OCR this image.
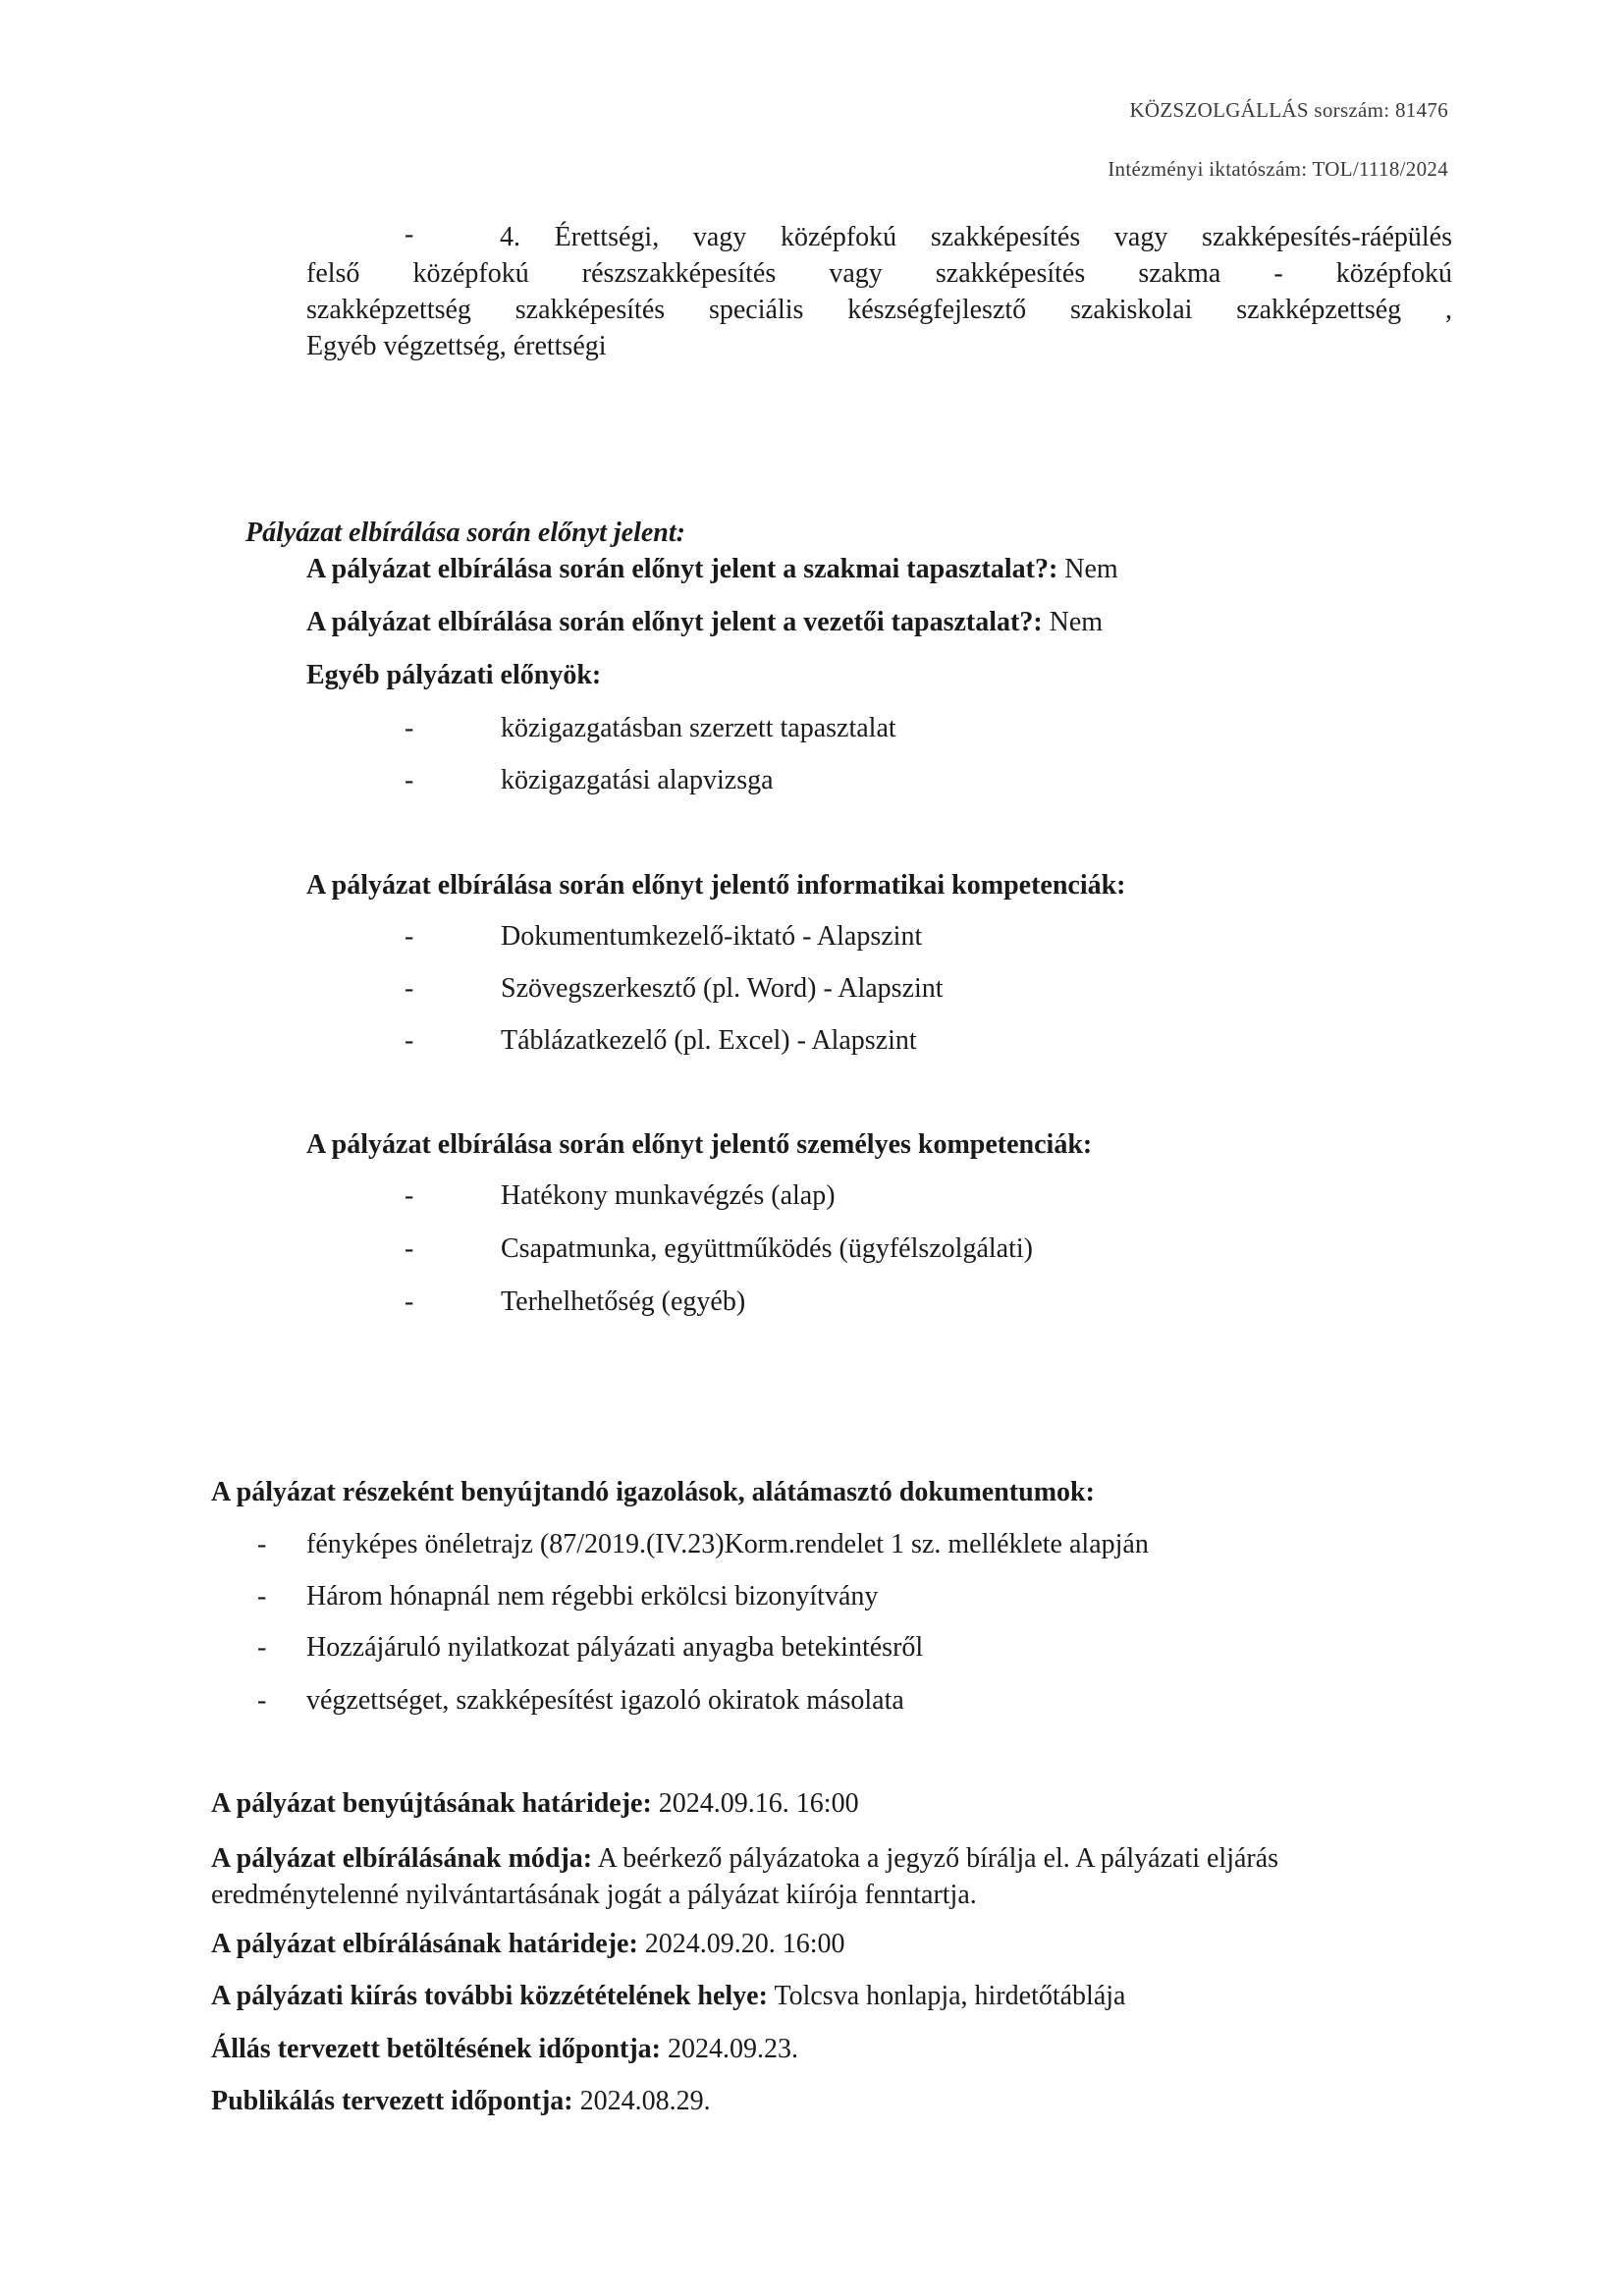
KÖZSZOLGÁLLÁS sorszám: 81476
Intézményi iktatószám: TOL/1118/2024
-	4. Érettségi, vagy középfokú szakképesítés vagy szakképesítés-ráépülés
felső középfokú részszakképesítés vagy szakképesítés szakma - középfokú
szakképzettség szakképesítés speciális készségfejlesztő szakiskolai szakképzettség ,
Egyéb végzettség, érettségi
Pályázat elbírálása során előnyt jelent:
A pályázat elbírálása során előnyt jelent a szakmai tapasztalat?: Nem
A pályázat elbírálása során előnyt jelent a vezetői tapasztalat?: Nem
Egyéb pályázati előnyök:
-	közigazgatásban szerzett tapasztalat
-	közigazgatási alapvizsga
A pályázat elbírálása során előnyt jelentő informatikai kompetenciák:
-	Dokumentumkezelő-iktató - Alapszint
-	Szövegszerkesztő (pl. Word) - Alapszint
-	Táblázatkezelő (pl. Excel) - Alapszint
A pályázat elbírálása során előnyt jelentő személyes kompetenciák:
-	Hatékony munkavégzés (alap)
-	Csapatmunka, együttműködés (ügyfélszolgálati)
-	Terhelhetőség (egyéb)
A pályázat részeként benyújtandó igazolások, alátámasztó dokumentumok:
- fényképes önéletrajz (87/2019.(IV.23)Korm.rendelet 1 sz. melléklete alapján
- Három hónapnál nem régebbi erkölcsi bizonyítvány
- Hozzájáruló nyilatkozat pályázati anyagba betekintésről
- végzettséget, szakképesítést igazoló okiratok másolata
A pályázat benyújtásának határideje: 2024.09.16. 16:00
A pályázat elbírálásának módja: A beérkező pályázatoka a jegyző bírálja el. A pályázati eljárás eredménytelenné nyilvántartásának jogát a pályázat kiírója fenntartja.
A pályázat elbírálásának határideje: 2024.09.20. 16:00
A pályázati kiírás további közzétételének helye: Tolcsva honlapja, hirdetőtáblája
Állás tervezett betöltésének időpontja: 2024.09.23.
Publikálás tervezett időpontja: 2024.08.29.
